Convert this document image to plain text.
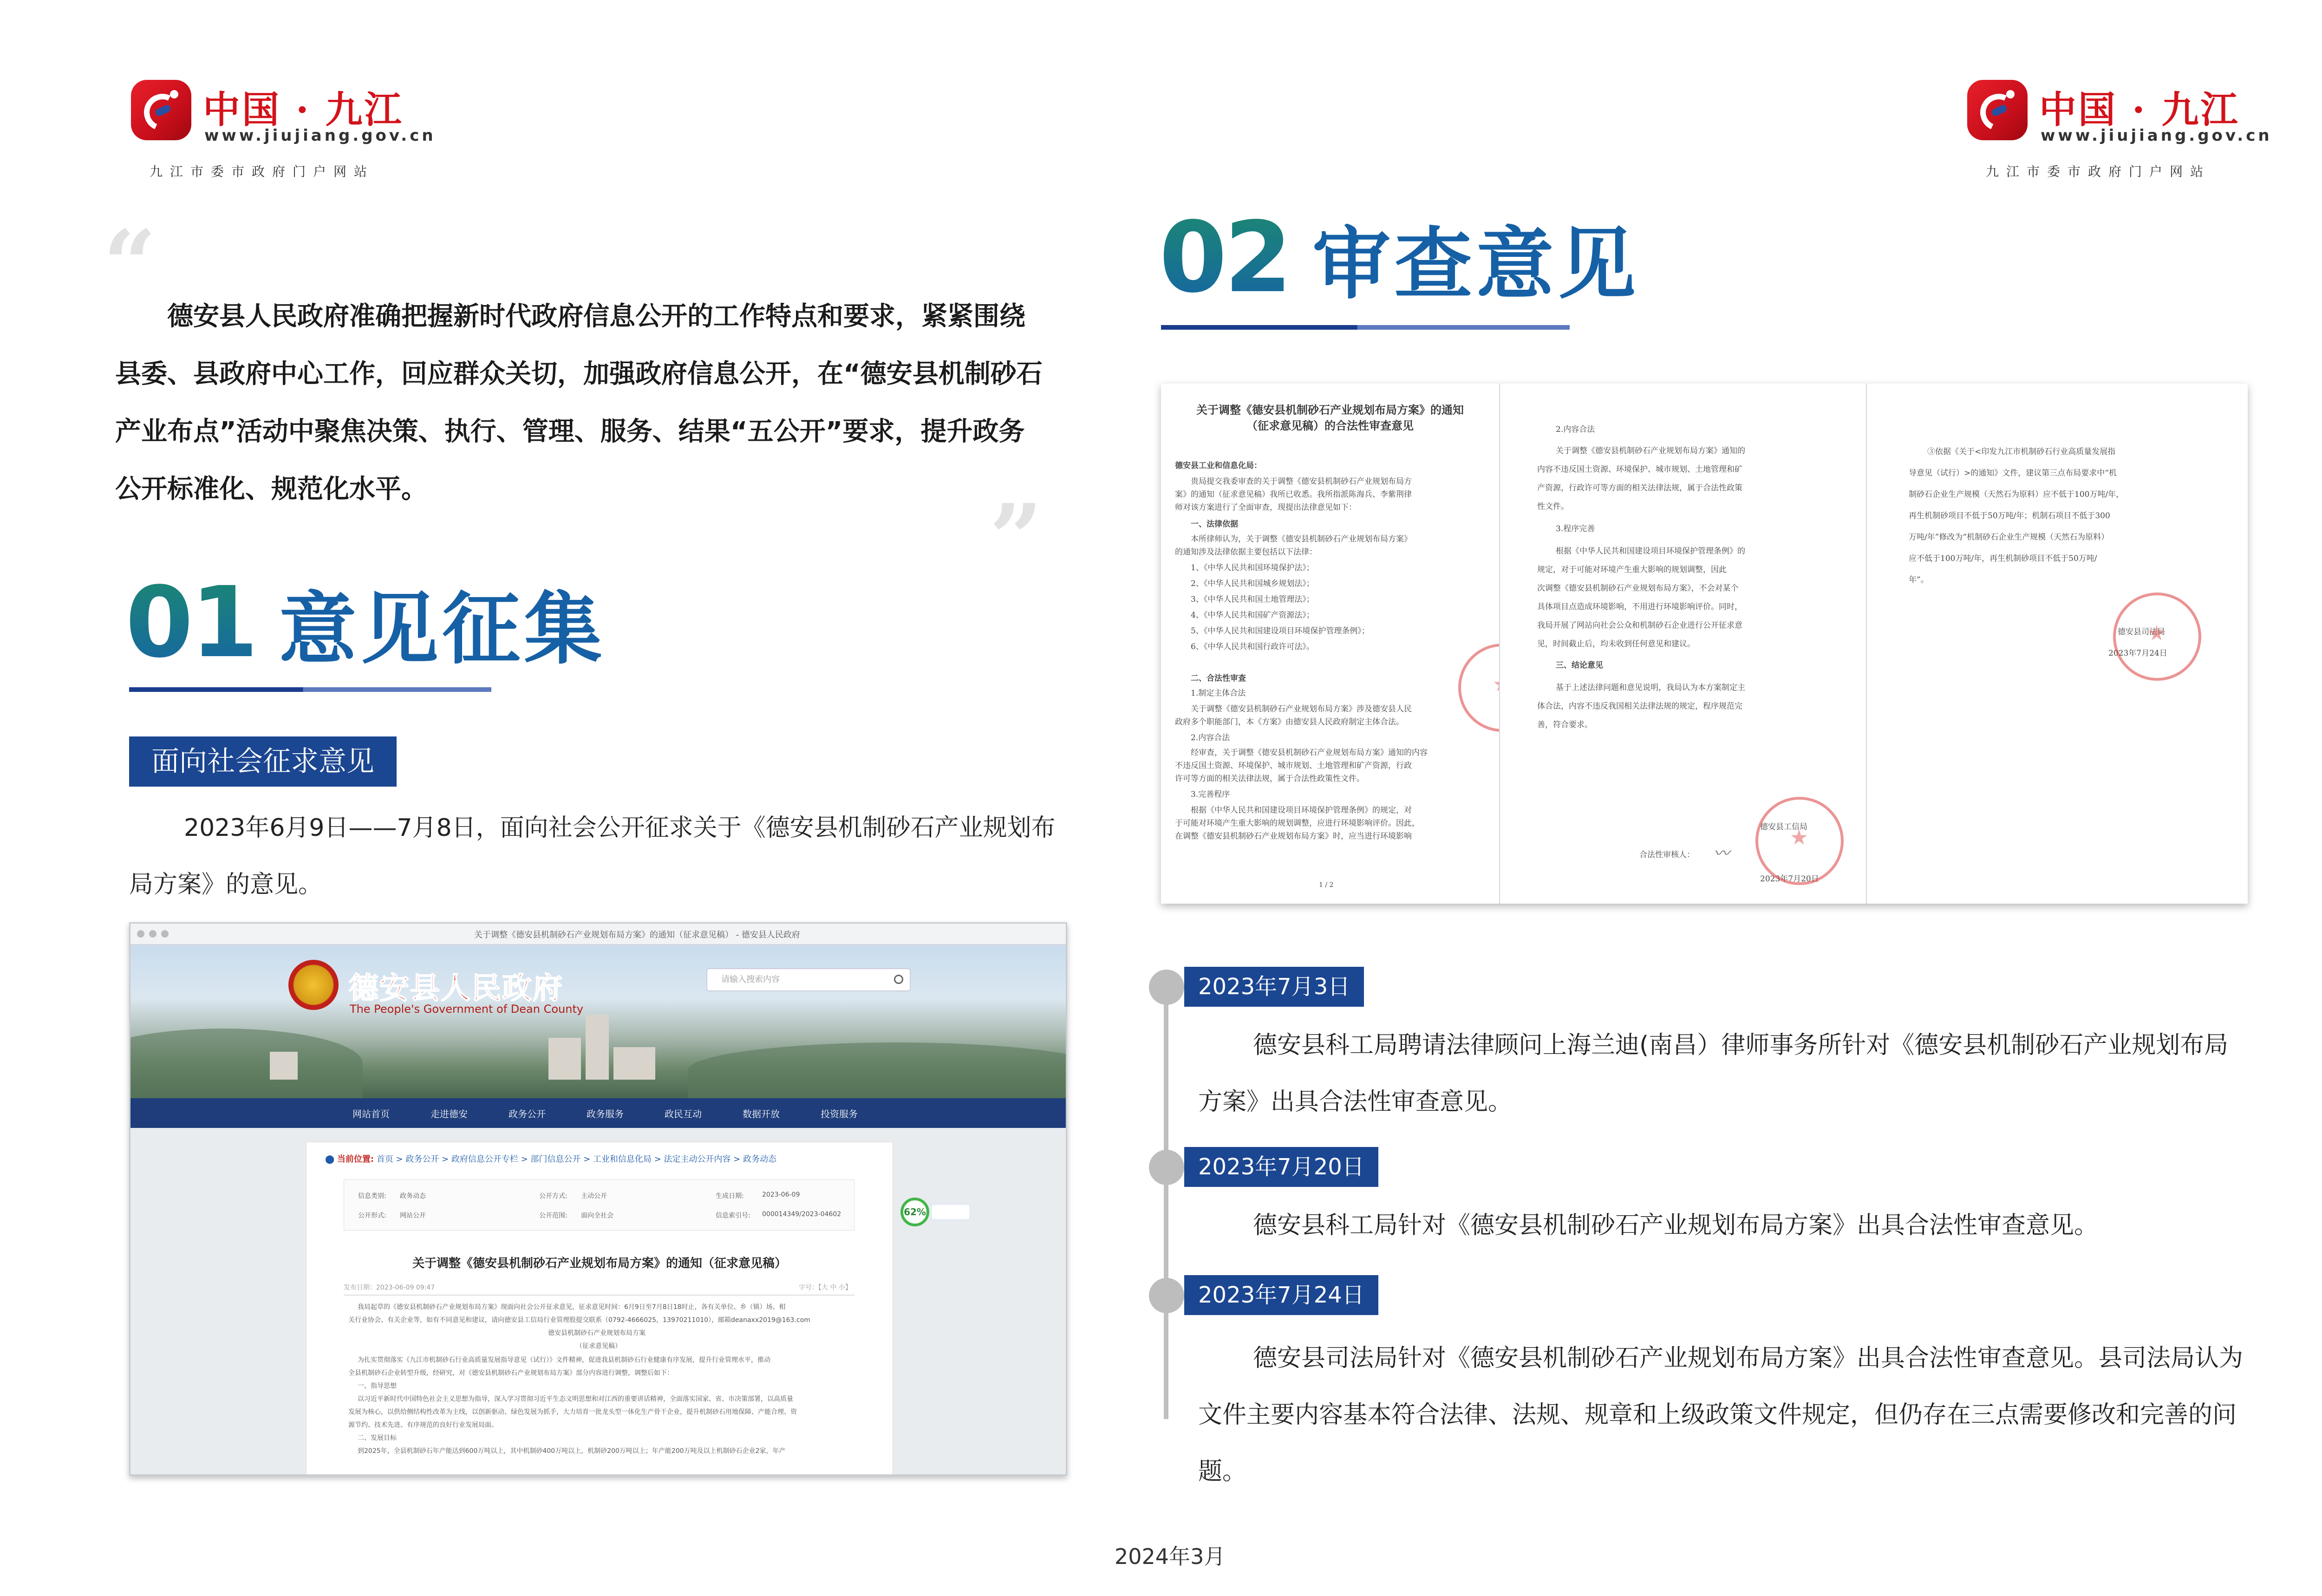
中国 · 九江
www.jiujiang.gov.cn
九江市委市政府门户网站
中国 · 九江
www.jiujiang.gov.cn
九江市委市政府门户网站
“
”
德安县人民政府准确把握新时代政府信息公开的工作特点和要求，紧紧围绕县委、县政府中心工作，回应群众关切，加强政府信息公开，在“德安县机制砂石产业布点”活动中聚焦决策、执行、管理、服务、结果“五公开”要求，提升政务公开标准化、规范化水平。
01 意见征集
面向社会征求意见
2023年6月9日——7月8日，面向社会公开征求关于《德安县机制砂石产业规划布局方案》的意见。
关于调整《德安县机制砂石产业规划布局方案》的通知（征求意见稿） - 德安县人民政府
德安县人民政府
The People's Government of Dean County
请输入搜索内容
网站首页	走进德安	政务公开	政务服务	政民互动	数据开放	投资服务
⬤ 当前位置: 首页 > 政务公开 > 政府信息公开专栏 > 部门信息公开 > 工业和信息化局 > 法定主动公开内容 > 政务动态
信息类别: 政务动态
公开形式: 网站公开
公开方式: 主动公开
公开范围: 面向全社会
生成日期:	2023-06-09
信息索引号: 000014349/2023-04602
关于调整《德安县机制砂石产业规划布局方案》的通知（征求意见稿）
发布日期：2023-06-09 09:47	字号：【大 中 小】
我局起草的《德安县机制砂石产业规划布局方案》现面向社会公开征求意见，征求意见时间：6月9日至7月8日18时止，各有关单位、乡（镇）场、相
关行业协会、有关企业等，如有不同意见和建议，请向德安县工信局行业管理股提交联系（0792-4666025，13970211010），邮箱deanaxx2019@163.com
德安县机制砂石产业规划布局方案
（征求意见稿）
为扎实贯彻落实《九江市机制砂石行业高质量发展指导意见（试行）》文件精神，促进我县机制砂石行业健康有序发展，提升行业管理水平，推动
全县机制砂石企业转型升级，经研究，对《德安县机制砂石产业规划布局方案》部分内容进行调整，调整后如下：
一、指导思想
以习近平新时代中国特色社会主义思想为指导，深入学习贯彻习近平生态文明思想和对江西的重要讲话精神，全面落实国家、省、市决策部署，以高质量
发展为核心，以供给侧结构性改革为主线，以创新驱动、绿色发展为抓手，大力培育一批龙头型一体化生产骨干企业，提升机制砂石用地保障、产能合理、资
源节约、技术先进、有序规范的良好行业发展局面。
二、发展目标
到2025年，全县机制砂石年产能达到600万吨以上，其中机制砂400万吨以上，机制砂200万吨以上；年产能200万吨及以上机制砂石企业2家，年产
62%
02 审查意见
关于调整《德安县机制砂石产业规划布局方案》的通知（征求意见稿）的合法性审查意见
德安县工业和信息化局：
贵局提交我委审查的关于调整《德安县机制砂石产业规划布局方
案》的通知（征求意见稿）我所已收悉。我所指派陈海兵、李紫荆律
师对该方案进行了全面审查，现提出法律意见如下：
一、法律依据
本所律师认为，关于调整《德安县机制砂石产业规划布局方案》
的通知涉及法律依据主要包括以下法律：
1、《中华人民共和国环境保护法》；
2、《中华人民共和国城乡规划法》；
3、《中华人民共和国土地管理法》；
4、《中华人民共和国矿产资源法》；
5、《中华人民共和国建设项目环境保护管理条例》；
6、《中华人民共和国行政许可法》。
二、合法性审查
1.制定主体合法
关于调整《德安县机制砂石产业规划布局方案》涉及德安县人民
政府多个职能部门，本《方案》由德安县人民政府制定主体合法。
2.内容合法
经审查，关于调整《德安县机制砂石产业规划布局方案》通知的内容
不违反国土资源、环境保护、城市规划、土地管理和矿产资源，行政
许可等方面的相关法律法规，属于合法性政策性文件。
3.完善程序
根据《中华人民共和国建设项目环境保护管理条例》的规定，对
于可能对环境产生重大影响的规划调整，应进行环境影响评价。因此，
在调整《德安县机制砂石产业规划布局方案》时，应当进行环境影响
1 / 2
2.内容合法
关于调整《德安县机制砂石产业规划布局方案》通知的
内容不违反国土资源、环境保护、城市规划、土地管理和矿
产资源，行政许可等方面的相关法律法规，属于合法性政策
性文件。
3.程序完善
根据《中华人民共和国建设项目环境保护管理条例》的
规定，对于可能对环境产生重大影响的规划调整，因此
次调整《德安县机制砂石产业规划布局方案》，不会对某个
具体项目点造成环境影响，不用进行环境影响评价。同时，
我局开展了网站向社会公众和机制砂石企业进行公开征求意
见，时间截止后，均未收到任何意见和建议。
三、结论意见
基于上述法律问题和意见说明，我局认为本方案制定主
体合法，内容不违反我国相关法律法规的规定，程序规范完
善，符合要求。
德安县工信局
合法性审核人： 〰
2023年7月20日
③依据《关于<印发九江市机制砂石行业高质量发展指
导意见（试行）>的通知》文件，建议第三点布局要求中“机
制砂石企业生产规模（天然石为原料）应不低于100万吨/年，
再生机制砂项目不低于50万吨/年；机制石项目不低于300
万吨/年”修改为“机制砂石企业生产规模（天然石为原料）
应不低于100万吨/年，再生机制砂项目不低于50万吨/
年”。
德安县司法局
2023年7月24日
2023年7月3日
德安县科工局聘请法律顾问上海兰迪(南昌）律师事务所针对《德安县机制砂石产业规划布局方案》出具合法性审查意见。
2023年7月20日
德安县科工局针对《德安县机制砂石产业规划布局方案》出具合法性审查意见。
2023年7月24日
德安县司法局针对《德安县机制砂石产业规划布局方案》出具合法性审查意见。县司法局认为文件主要内容基本符合法律、法规、规章和上级政策文件规定，但仍存在三点需要修改和完善的问题。
2024年3月
